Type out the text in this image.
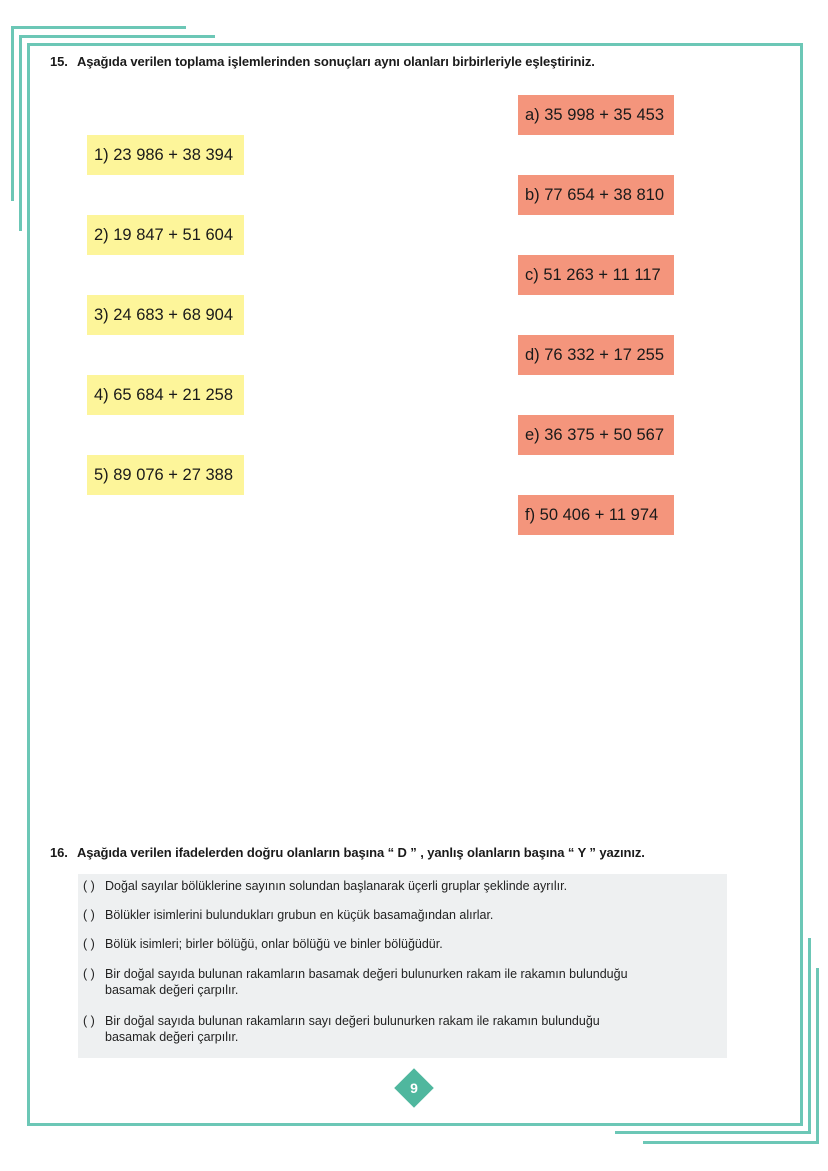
15. Aşağıda verilen toplama işlemlerinden sonuçları aynı olanları birbirleriyle eşleştiriniz.
1) 23 986 + 38 394
2) 19 847 + 51 604
3) 24 683 + 68 904
4) 65 684 + 21 258
5) 89 076 + 27 388
a) 35 998 + 35 453
b) 77 654 + 38 810
c) 51 263 + 11 117
d) 76 332 + 17 255
e) 36 375 + 50 567
f) 50 406 + 11 974
16. Aşağıda verilen ifadelerden doğru olanların başına “ D ” , yanlış olanların başına “ Y ” yazınız.
( ) Doğal sayılar bölüklerine sayının solundan başlanarak üçerli gruplar şeklinde ayrılır.
( ) Bölükler isimlerini bulundukları grubun en küçük basamağından alırlar.
( ) Bölük isimleri; birler bölüğü, onlar bölüğü ve binler bölüğüdür.
( ) Bir doğal sayıda bulunan rakamların basamak değeri bulunurken rakam ile rakamın bulunduğu
basamak değeri çarpılır.
( ) Bir doğal sayıda bulunan rakamların sayı değeri bulunurken rakam ile rakamın bulunduğu
basamak değeri çarpılır.
9
